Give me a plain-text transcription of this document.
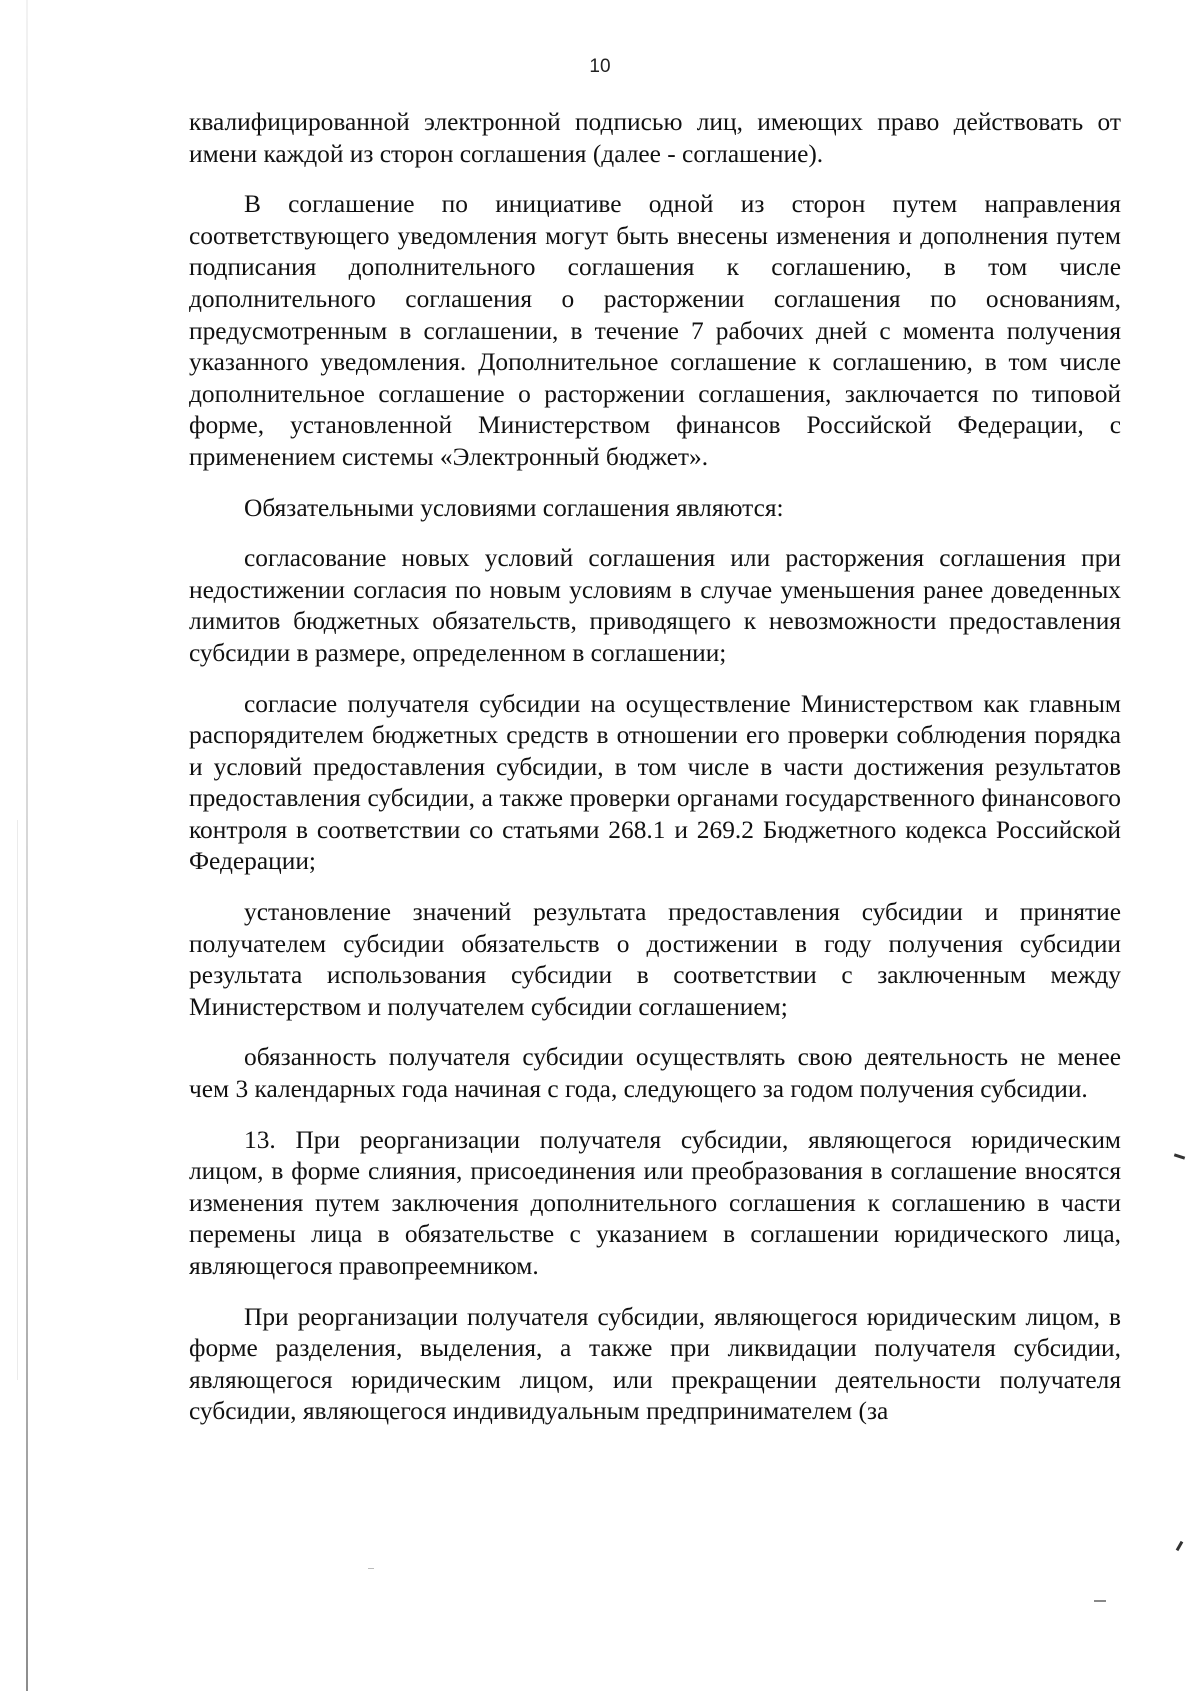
10

квалифицированной электронной подписью лиц, имеющих право действовать от имени каждой из сторон соглашения (далее - соглашение).

В соглашение по инициативе одной из сторон путем направления соответствующего уведомления могут быть внесены изменения и дополнения путем подписания дополнительного соглашения к соглашению, в том числе дополнительного соглашения о расторжении соглашения по основаниям, предусмотренным в соглашении, в течение 7 рабочих дней с момента получения указанного уведомления. Дополнительное соглашение к соглашению, в том числе дополнительное соглашение о расторжении соглашения, заключается по типовой форме, установленной Министерством финансов Российской Федерации, с применением системы «Электронный бюджет».

Обязательными условиями соглашения являются:

согласование новых условий соглашения или расторжения соглашения при недостижении согласия по новым условиям в случае уменьшения ранее доведенных лимитов бюджетных обязательств, приводящего к невозможности предоставления субсидии в размере, определенном в соглашении;

согласие получателя субсидии на осуществление Министерством как главным распорядителем бюджетных средств в отношении его проверки соблюдения порядка и условий предоставления субсидии, в том числе в части достижения результатов предоставления субсидии, а также проверки органами государственного финансового контроля в соответствии со статьями 268.1 и 269.2 Бюджетного кодекса Российской Федерации;

установление значений результата предоставления субсидии и принятие получателем субсидии обязательств о достижении в году получения субсидии результата использования субсидии в соответствии с заключенным между Министерством и получателем субсидии соглашением;

обязанность получателя субсидии осуществлять свою деятельность не менее чем 3 календарных года начиная с года, следующего за годом получения субсидии.

13. При реорганизации получателя субсидии, являющегося юридическим лицом, в форме слияния, присоединения или преобразования в соглашение вносятся изменения путем заключения дополнительного соглашения к соглашению в части перемены лица в обязательстве с указанием в соглашении юридического лица, являющегося правопреемником.

При реорганизации получателя субсидии, являющегося юридическим лицом, в форме разделения, выделения, а также при ликвидации получателя субсидии, являющегося юридическим лицом, или прекращении деятельности получателя субсидии, являющегося индивидуальным предпринимателем (за
